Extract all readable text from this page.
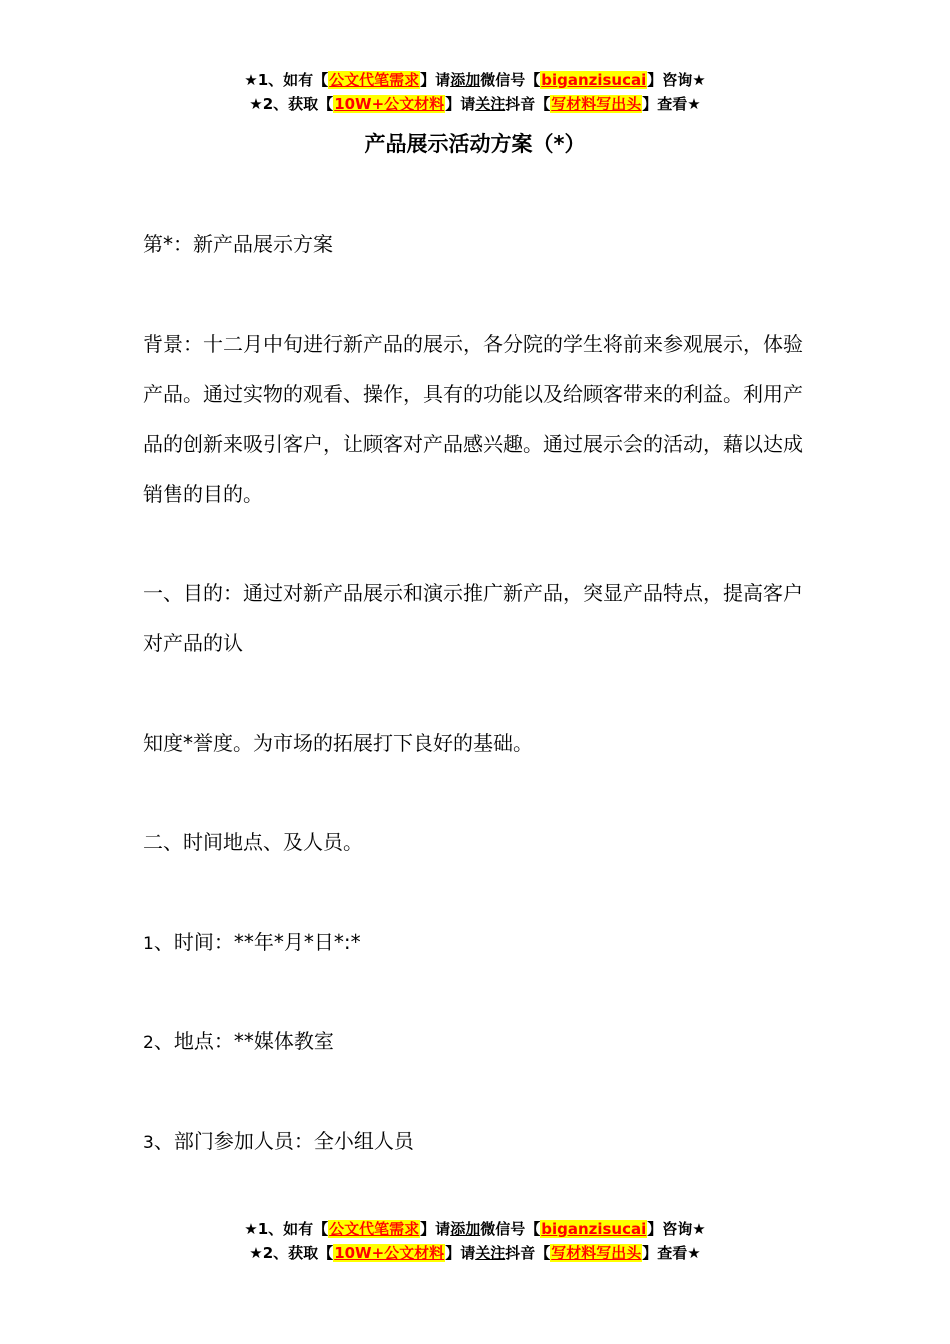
★1、如有【公文代笔需求】请添加微信号【biganzisucai】咨询★
★2、获取【10W+公文材料】请关注抖音【写材料写出头】查看★
产品展示活动方案（*）

第*：新产品展示方案

背景：十二月中旬进行新产品的展示，各分院的学生将前来参观展示，体验产品。通过实物的观看、操作，具有的功能以及给顾客带来的利益。利用产品的创新来吸引客户，让顾客对产品感兴趣。通过展示会的活动，藉以达成销售的目的。

一、目的：通过对新产品展示和演示推广新产品，突显产品特点，提高客户对产品的认

知度*誉度。为市场的拓展打下良好的基础。

二、时间地点、及人员。

1、时间：**年*月*日*:*

2、地点：**媒体教室

3、部门参加人员：全小组人员

★1、如有【公文代笔需求】请添加微信号【biganzisucai】咨询★
★2、获取【10W+公文材料】请关注抖音【写材料写出头】查看★
